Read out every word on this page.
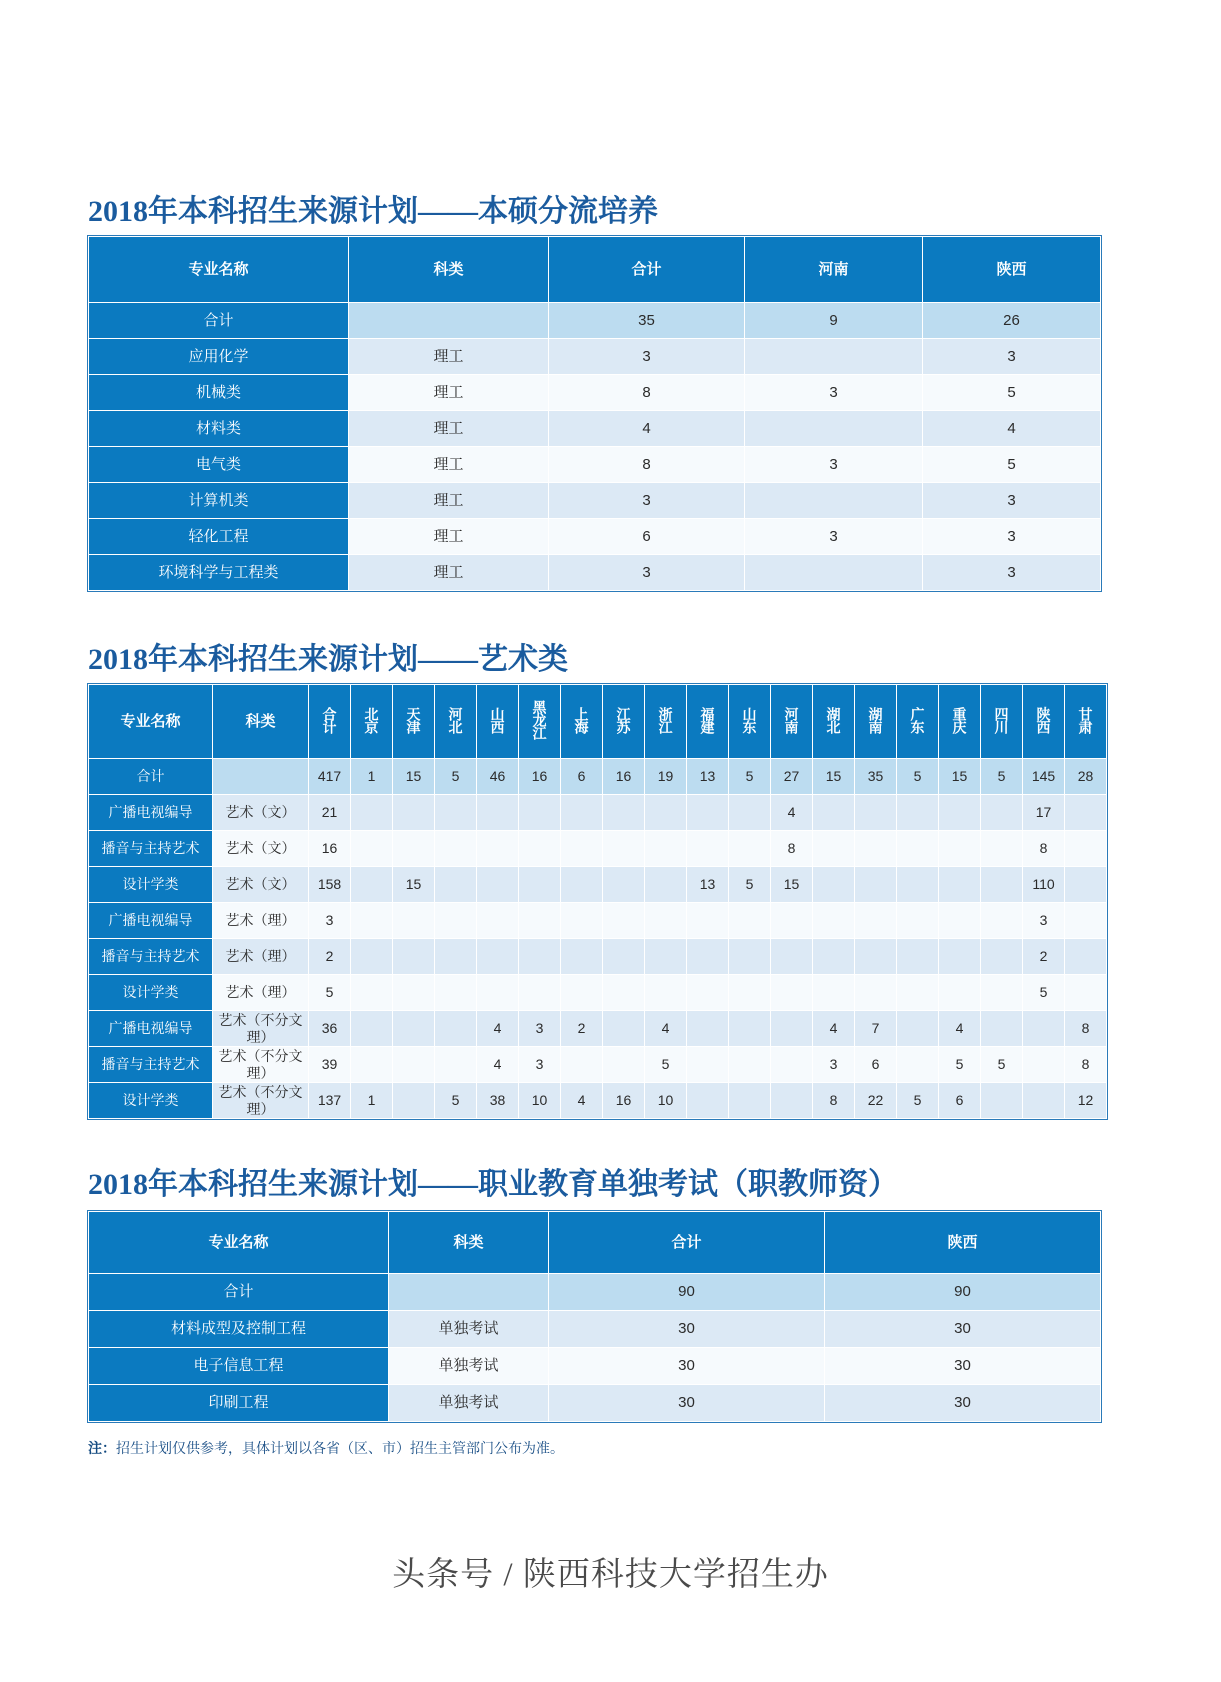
2018年本科招生来源计划——本硕分流培养
专业名称	科类	合计	河南	陕西
合计		35	9	26
应用化学	理工	3		3
机械类	理工	8	3	5
材料类	理工	4		4
电气类	理工	8	3	5
计算机类	理工	3		3
轻化工程	理工	6	3	3
环境科学与工程类	理工	3		3
2018年本科招生来源计划——艺术类
专业名称	科类	合计	北京	天津	河北	山西	黑龙江	上海	江苏	浙江	福建	山东	河南	湖北	湖南	广东	重庆	四川	陕西	甘肃
合计		417	1	15	5	46	16	6	16	19	13	5	27	15	35	5	15	5	145	28
广播电视编导	艺术（文）	21											4						17	
播音与主持艺术	艺术（文）	16											8						8	
设计学类	艺术（文）	158		15							13	5	15						110	
广播电视编导	艺术（理）	3																	3	
播音与主持艺术	艺术（理）	2																	2	
设计学类	艺术（理）	5																	5	
广播电视编导	艺术（不分文理）	36				4	3	2		4				4	7		4			8
播音与主持艺术	艺术（不分文理）	39				4	3			5				3	6		5	5		8
设计学类	艺术（不分文理）	137	1		5	38	10	4	16	10				8	22	5	6			12
2018年本科招生来源计划——职业教育单独考试（职教师资）
专业名称	科类	合计	陕西
合计		90	90
材料成型及控制工程	单独考试	30	30
电子信息工程	单独考试	30	30
印刷工程	单独考试	30	30
注：招生计划仅供参考，具体计划以各省（区、市）招生主管部门公布为准。
头条号 / 陕西科技大学招生办
